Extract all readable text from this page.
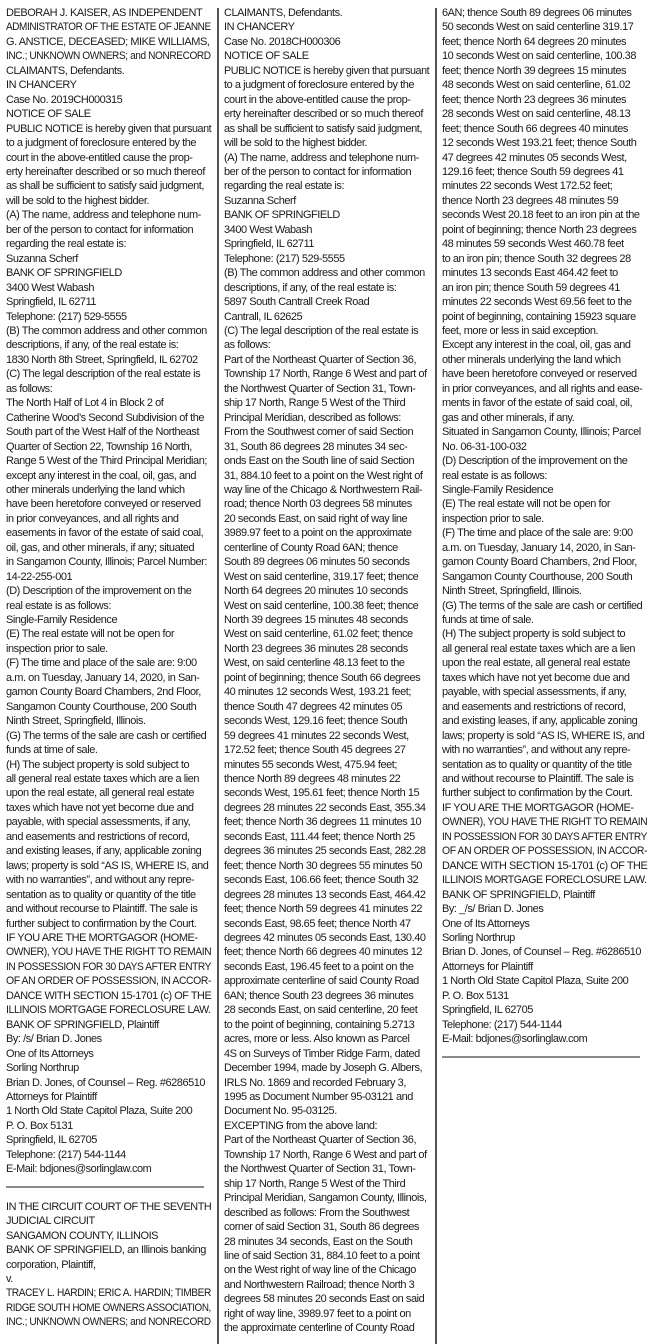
DEBORAH J. KAISER, AS INDEPENDENT
ADMINISTRATOR OF THE ESTATE OF JEANNE
G. ANSTICE, DECEASED; MIKE WILLIAMS,
INC.; UNKNOWN OWNERS; and NONRECORD
CLAIMANTS, Defendants.
IN CHANCERY
Case No. 2019CH000315
NOTICE OF SALE
PUBLIC NOTICE is hereby given that pursuant
to a judgment of foreclosure entered by the
court in the above-entitled cause the prop-
erty hereinafter described or so much thereof
as shall be sufficient to satisfy said judgment,
will be sold to the highest bidder.
(A) The name, address and telephone num-
ber of the person to contact for information
regarding the real estate is:
Suzanna Scherf
BANK OF SPRINGFIELD
3400 West Wabash
Springfield, IL 62711
Telephone: (217) 529-5555
(B) The common address and other common
descriptions, if any, of the real estate is:
1830 North 8th Street, Springfield, IL 62702
(C) The legal description of the real estate is
as follows:
The North Half of Lot 4 in Block 2 of
Catherine Wood’s Second Subdivision of the
South part of the West Half of the Northeast
Quarter of Section 22, Township 16 North,
Range 5 West of the Third Principal Meridian;
except any interest in the coal, oil, gas, and
other minerals underlying the land which
have been heretofore conveyed or reserved
in prior conveyances, and all rights and
easements in favor of the estate of said coal,
oil, gas, and other minerals, if any; situated
in Sangamon County, Illinois; Parcel Number:
14-22-255-001
(D) Description of the improvement on the
real estate is as follows:
Single-Family Residence
(E) The real estate will not be open for
inspection prior to sale.
(F) The time and place of the sale are: 9:00
a.m. on Tuesday, January 14, 2020, in San-
gamon County Board Chambers, 2nd Floor,
Sangamon County Courthouse, 200 South
Ninth Street, Springfield, Illinois.
(G) The terms of the sale are cash or certified
funds at time of sale.
(H) The subject property is sold subject to
all general real estate taxes which are a lien
upon the real estate, all general real estate
taxes which have not yet become due and
payable, with special assessments, if any,
and easements and restrictions of record,
and existing leases, if any, applicable zoning
laws; property is sold “AS IS, WHERE IS, and
with no warranties”, and without any repre-
sentation as to quality or quantity of the title
and without recourse to Plaintiff. The sale is
further subject to confirmation by the Court.
IF YOU ARE THE MORTGAGOR (HOME-
OWNER), YOU HAVE THE RIGHT TO REMAIN
IN POSSESSION FOR 30 DAYS AFTER ENTRY
OF AN ORDER OF POSSESSION, IN ACCOR-
DANCE WITH SECTION 15-1701 (c) OF THE
ILLINOIS MORTGAGE FORECLOSURE LAW.
BANK OF SPRINGFIELD, Plaintiff
By: /s/ Brian D. Jones
One of Its Attorneys
Sorling Northrup
Brian D. Jones, of Counsel – Reg. #6286510
Attorneys for Plaintiff
1 North Old State Capitol Plaza, Suite 200
P. O. Box 5131
Springfield, IL 62705
Telephone: (217) 544-1144
E-Mail: bdjones@sorlinglaw.com
IN THE CIRCUIT COURT OF THE SEVENTH
JUDICIAL CIRCUIT
SANGAMON COUNTY, ILLINOIS
BANK OF SPRINGFIELD, an Illinois banking
corporation, Plaintiff,
v.
TRACEY L. HARDIN; ERIC A. HARDIN; TIMBER
RIDGE SOUTH HOME OWNERS ASSOCIATION,
INC.; UNKNOWN OWNERS; and NONRECORD
CLAIMANTS, Defendants.
IN CHANCERY
Case No. 2018CH000306
NOTICE OF SALE
PUBLIC NOTICE is hereby given that pursuant
to a judgment of foreclosure entered by the
court in the above-entitled cause the prop-
erty hereinafter described or so much thereof
as shall be sufficient to satisfy said judgment,
will be sold to the highest bidder.
(A) The name, address and telephone num-
ber of the person to contact for information
regarding the real estate is:
Suzanna Scherf
BANK OF SPRINGFIELD
3400 West Wabash
Springfield, IL 62711
Telephone: (217) 529-5555
(B) The common address and other common
descriptions, if any, of the real estate is:
5897 South Cantrall Creek Road
Cantrall, IL 62625
(C) The legal description of the real estate is
as follows:
Part of the Northeast Quarter of Section 36,
Township 17 North, Range 6 West and part of
the Northwest Quarter of Section 31, Town-
ship 17 North, Range 5 West of the Third
Principal Meridian, described as follows:
From the Southwest corner of said Section
31, South 86 degrees 28 minutes 34 sec-
onds East on the South line of said Section
31, 884.10 feet to a point on the West right of
way line of the Chicago & Northwestern Rail-
road; thence North 03 degrees 58 minutes
20 seconds East, on said right of way line
3989.97 feet to a point on the approximate
centerline of County Road 6AN; thence
South 89 degrees 06 minutes 50 seconds
West on said centerline, 319.17 feet; thence
North 64 degrees 20 minutes 10 seconds
West on said centerline, 100.38 feet; thence
North 39 degrees 15 minutes 48 seconds
West on said centerline, 61.02 feet; thence
North 23 degrees 36 minutes 28 seconds
West, on said centerline 48.13 feet to the
point of beginning; thence South 66 degrees
40 minutes 12 seconds West, 193.21 feet;
thence South 47 degrees 42 minutes 05
seconds West, 129.16 feet; thence South
59 degrees 41 minutes 22 seconds West,
172.52 feet; thence South 45 degrees 27
minutes 55 seconds West, 475.94 feet;
thence North 89 degrees 48 minutes 22
seconds West, 195.61 feet; thence North 15
degrees 28 minutes 22 seconds East, 355.34
feet; thence North 36 degrees 11 minutes 10
seconds East, 111.44 feet; thence North 25
degrees 36 minutes 25 seconds East, 282.28
feet; thence North 30 degrees 55 minutes 50
seconds East, 106.66 feet; thence South 32
degrees 28 minutes 13 seconds East, 464.42
feet; thence North 59 degrees 41 minutes 22
seconds East, 98.65 feet; thence North 47
degrees 42 minutes 05 seconds East, 130.40
feet; thence North 66 degrees 40 minutes 12
seconds East, 196.45 feet to a point on the
approximate centerline of said County Road
6AN; thence South 23 degrees 36 minutes
28 seconds East, on said centerline, 20 feet
to the point of beginning, containing 5.2713
acres, more or less. Also known as Parcel
4S on Surveys of Timber Ridge Farm, dated
December 1994, made by Joseph G. Albers,
IRLS No. 1869 and recorded February 3,
1995 as Document Number 95-03121 and
Document No. 95-03125.
EXCEPTING from the above land:
Part of the Northeast Quarter of Section 36,
Township 17 North, Range 6 West and part of
the Northwest Quarter of Section 31, Town-
ship 17 North, Range 5 West of the Third
Principal Meridian, Sangamon County, Illinois,
described as follows: From the Southwest
corner of said Section 31, South 86 degrees
28 minutes 34 seconds, East on the South
line of said Section 31, 884.10 feet to a point
on the West right of way line of the Chicago
and Northwestern Railroad; thence North 3
degrees 58 minutes 20 seconds East on said
right of way line, 3989.97 feet to a point on
the approximate centerline of County Road
6AN; thence South 89 degrees 06 minutes
50 seconds West on said centerline 319.17
feet; thence North 64 degrees 20 minutes
10 seconds West on said centerline, 100.38
feet; thence North 39 degrees 15 minutes
48 seconds West on said centerline, 61.02
feet; thence North 23 degrees 36 minutes
28 seconds West on said centerline, 48.13
feet; thence South 66 degrees 40 minutes
12 seconds West 193.21 feet; thence South
47 degrees 42 minutes 05 seconds West,
129.16 feet; thence South 59 degrees 41
minutes 22 seconds West 172.52 feet;
thence North 23 degrees 48 minutes 59
seconds West 20.18 feet to an iron pin at the
point of beginning; thence North 23 degrees
48 minutes 59 seconds West 460.78 feet
to an iron pin; thence South 32 degrees 28
minutes 13 seconds East 464.42 feet to
an iron pin; thence South 59 degrees 41
minutes 22 seconds West 69.56 feet to the
point of beginning, containing 15923 square
feet, more or less in said exception.
Except any interest in the coal, oil, gas and
other minerals underlying the land which
have been heretofore conveyed or reserved
in prior conveyances, and all rights and ease-
ments in favor of the estate of said coal, oil,
gas and other minerals, if any.
Situated in Sangamon County, Illinois; Parcel
No. 06-31-100-032
(D) Description of the improvement on the
real estate is as follows:
Single-Family Residence
(E) The real estate will not be open for
inspection prior to sale.
(F) The time and place of the sale are: 9:00
a.m. on Tuesday, January 14, 2020, in San-
gamon County Board Chambers, 2nd Floor,
Sangamon County Courthouse, 200 South
Ninth Street, Springfield, Illinois.
(G) The terms of the sale are cash or certified
funds at time of sale.
(H) The subject property is sold subject to
all general real estate taxes which are a lien
upon the real estate, all general real estate
taxes which have not yet become due and
payable, with special assessments, if any,
and easements and restrictions of record,
and existing leases, if any, applicable zoning
laws; property is sold “AS IS, WHERE IS, and
with no warranties”, and without any repre-
sentation as to quality or quantity of the title
and without recourse to Plaintiff. The sale is
further subject to confirmation by the Court.
IF YOU ARE THE MORTGAGOR (HOME-
OWNER), YOU HAVE THE RIGHT TO REMAIN
IN POSSESSION FOR 30 DAYS AFTER ENTRY
OF AN ORDER OF POSSESSION, IN ACCOR-
DANCE WITH SECTION 15-1701 (c) OF THE
ILLINOIS MORTGAGE FORECLOSURE LAW.
BANK OF SPRINGFIELD, Plaintiff
By: _/s/ Brian D. Jones
One of Its Attorneys
Sorling Northrup
Brian D. Jones, of Counsel – Reg. #6286510
Attorneys for Plaintiff
1 North Old State Capitol Plaza, Suite 200
P. O. Box 5131
Springfield, IL 62705
Telephone: (217) 544-1144
E-Mail: bdjones@sorlinglaw.com
